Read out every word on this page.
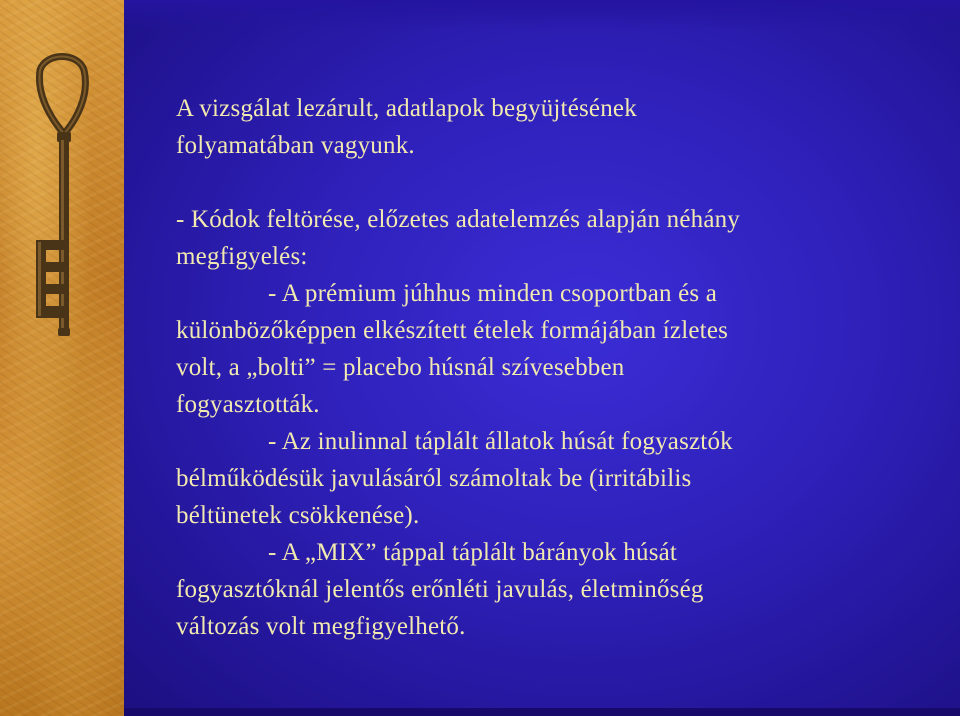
A vizsgálat lezárult, adatlapok begyüjtésének

folyamatában vagyunk.

- Kódok feltörése, előzetes adatelemzés alapján néhány

megfigyelés:

- A prémium júhhus minden csoportban és a

különbözőképpen elkészített ételek formájában ízletes

volt, a „bolti” = placebo húsnál szívesebben

fogyasztották.

- Az inulinnal táplált állatok húsát fogyasztók

bélműködésük javulásáról számoltak be (irritábilis

béltünetek csökkenése).

- A „MIX” táppal táplált bárányok húsát

fogyasztóknál jelentős erőnléti javulás, életminőség

változás volt megfigyelhető.
